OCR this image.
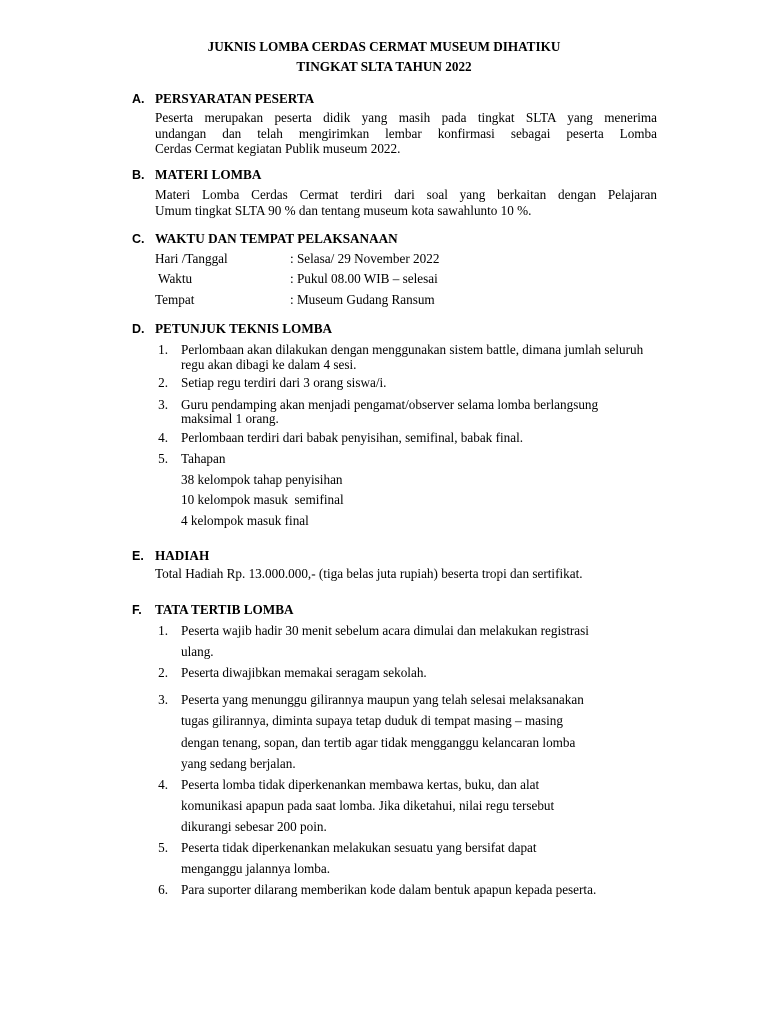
JUKNIS LOMBA CERDAS CERMAT MUSEUM DIHATIKU
TINGKAT SLTA TAHUN 2022
A. PERSYARATAN PESERTA
Peserta merupakan peserta didik yang masih pada tingkat SLTA yang menerima
undangan dan telah mengirimkan lembar konfirmasi sebagai peserta Lomba
Cerdas Cermat kegiatan Publik museum 2022.
B. MATERI LOMBA
Materi Lomba Cerdas Cermat terdiri dari soal yang berkaitan dengan Pelajaran
Umum tingkat SLTA 90 % dan tentang museum kota sawahlunto 10 %.
C. WAKTU DAN TEMPAT PELAKSANAAN
Hari /Tanggal	: Selasa/ 29 November 2022
Waktu	: Pukul 08.00 WIB – selesai
Tempat	: Museum Gudang Ransum
D. PETUNJUK TEKNIS LOMBA
1. Perlombaan akan dilakukan dengan menggunakan sistem battle, dimana jumlah seluruh
regu akan dibagi ke dalam 4 sesi.
2. Setiap regu terdiri dari 3 orang siswa/i.
3. Guru pendamping akan menjadi pengamat/observer selama lomba berlangsung
maksimal 1 orang.
4. Perlombaan terdiri dari babak penyisihan, semifinal, babak final.
5. Tahapan
38 kelompok tahap penyisihan
10 kelompok masuk  semifinal
4 kelompok masuk final
E. HADIAH
Total Hadiah Rp. 13.000.000,- (tiga belas juta rupiah) beserta tropi dan sertifikat.
F. TATA TERTIB LOMBA
1. Peserta wajib hadir 30 menit sebelum acara dimulai dan melakukan registrasi
ulang.
2. Peserta diwajibkan memakai seragam sekolah.
3. Peserta yang menunggu gilirannya maupun yang telah selesai melaksanakan
tugas gilirannya, diminta supaya tetap duduk di tempat masing – masing
dengan tenang, sopan, dan tertib agar tidak mengganggu kelancaran lomba
yang sedang berjalan.
4. Peserta lomba tidak diperkenankan membawa kertas, buku, dan alat
komunikasi apapun pada saat lomba. Jika diketahui, nilai regu tersebut
dikurangi sebesar 200 poin.
5. Peserta tidak diperkenankan melakukan sesuatu yang bersifat dapat
menganggu jalannya lomba.
6. Para suporter dilarang memberikan kode dalam bentuk apapun kepada peserta.
